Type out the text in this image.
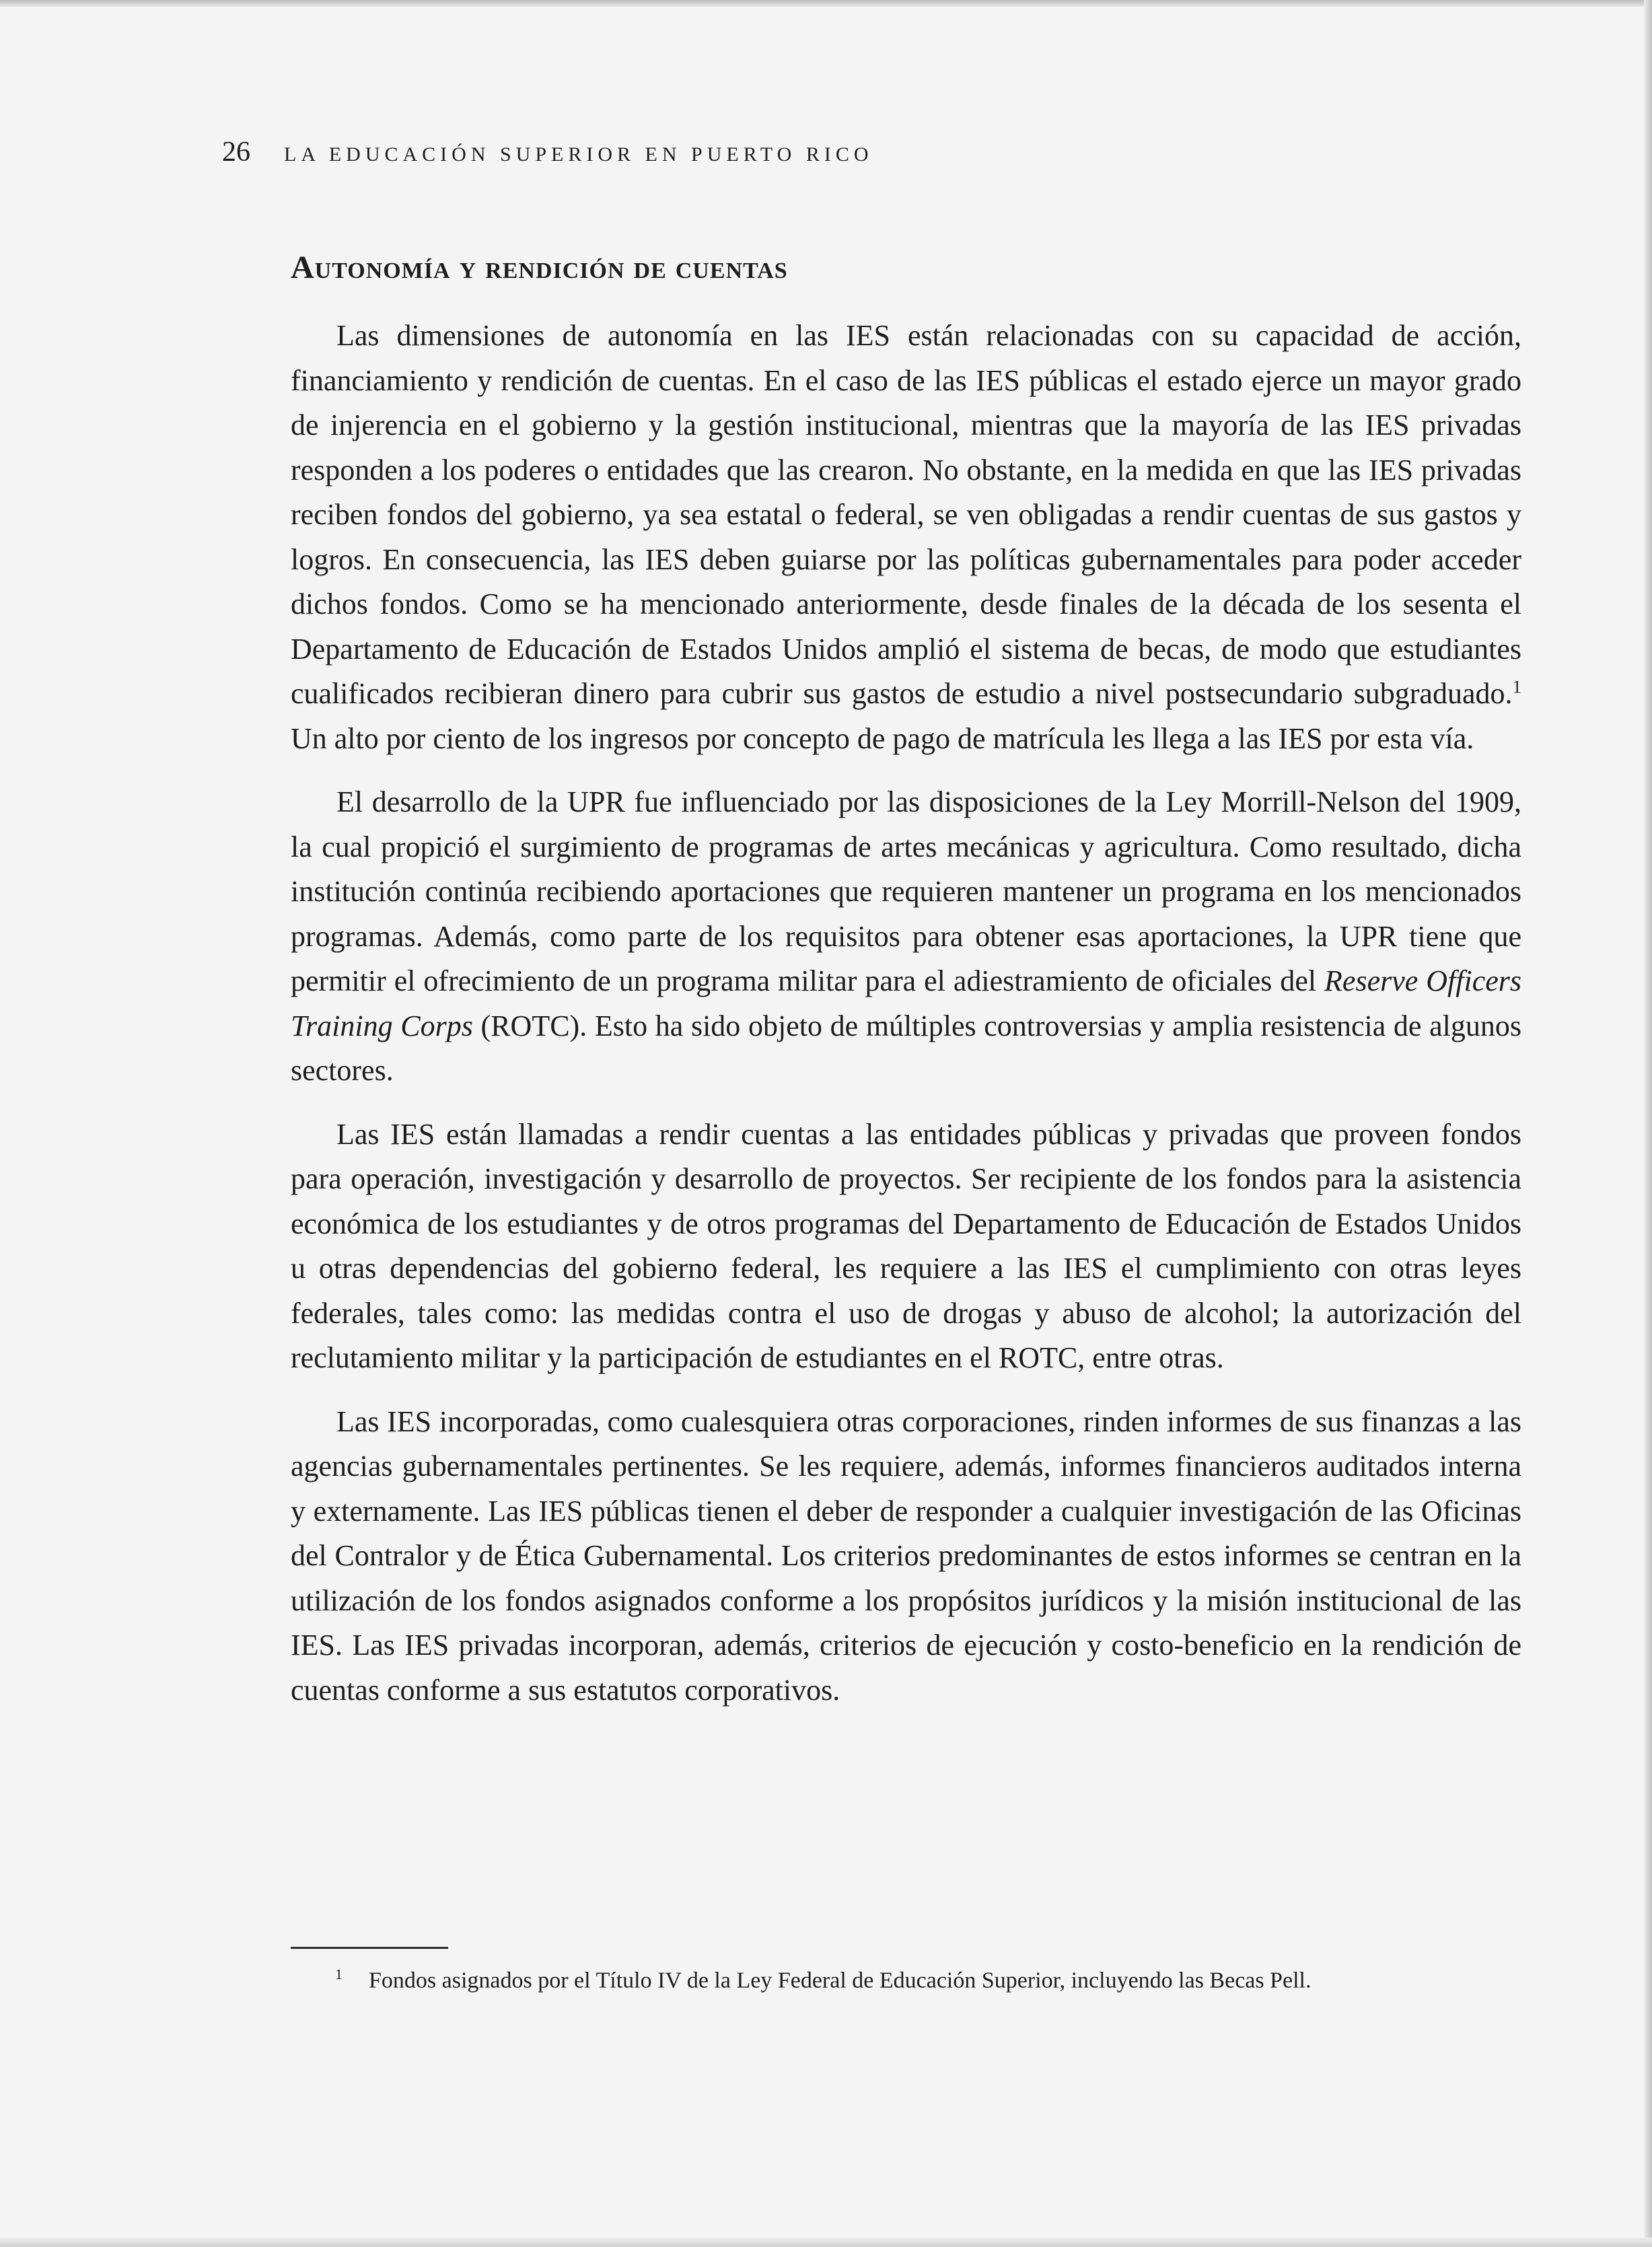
26 LA EDUCACIÓN SUPERIOR EN PUERTO RICO
Autonomía y rendición de cuentas

Las dimensiones de autonomía en las IES están relacionadas con su capacidad de acción, financiamiento y rendición de cuentas. En el caso de las IES públicas el estado ejerce un mayor grado de injerencia en el gobierno y la gestión institucional, mientras que la mayoría de las IES privadas responden a los poderes o entidades que las crearon. No obstante, en la medida en que las IES privadas reciben fondos del gobierno, ya sea estatal o federal, se ven obligadas a rendir cuentas de sus gastos y logros. En consecuencia, las IES deben guiarse por las políticas gubernamentales para poder acceder dichos fondos. Como se ha mencionado anteriormente, desde finales de la década de los sesenta el Departamento de Educación de Estados Unidos amplió el sistema de becas, de modo que estudiantes cualificados recibieran dinero para cubrir sus gastos de estudio a nivel postsecundario subgraduado.$^1$ Un alto por ciento de los ingresos por concepto de pago de matrícula les llega a las IES por esta vía.

El desarrollo de la UPR fue influenciado por las disposiciones de la Ley Morrill-Nelson del 1909, la cual propició el surgimiento de programas de artes mecánicas y agricultura. Como resultado, dicha institución continúa recibiendo aportaciones que requieren mantener un programa en los mencionados programas. Además, como parte de los requisitos para obtener esas aportaciones, la UPR tiene que permitir el ofrecimiento de un programa militar para el adiestramiento de oficiales del Reserve Officers Training Corps (ROTC). Esto ha sido objeto de múltiples controversias y amplia resistencia de algunos sectores.

Las IES están llamadas a rendir cuentas a las entidades públicas y privadas que proveen fondos para operación, investigación y desarrollo de proyectos. Ser recipiente de los fondos para la asistencia económica de los estudiantes y de otros programas del Departamento de Educación de Estados Unidos u otras dependencias del gobierno federal, les requiere a las IES el cumplimiento con otras leyes federales, tales como: las medidas contra el uso de drogas y abuso de alcohol; la autorización del reclutamiento militar y la participación de estudiantes en el ROTC, entre otras.

Las IES incorporadas, como cualesquiera otras corporaciones, rinden informes de sus finanzas a las agencias gubernamentales pertinentes. Se les requiere, además, informes financieros auditados interna y externamente. Las IES públicas tienen el deber de responder a cualquier investigación de las Oficinas del Contralor y de Ética Gubernamental. Los criterios predominantes de estos informes se centran en la utilización de los fondos asignados conforme a los propósitos jurídicos y la misión institucional de las IES. Las IES privadas incorporan, además, criterios de ejecución y costo-beneficio en la rendición de cuentas conforme a sus estatutos corporativos.

1 Fondos asignados por el Título IV de la Ley Federal de Educación Superior, incluyendo las Becas Pell.
